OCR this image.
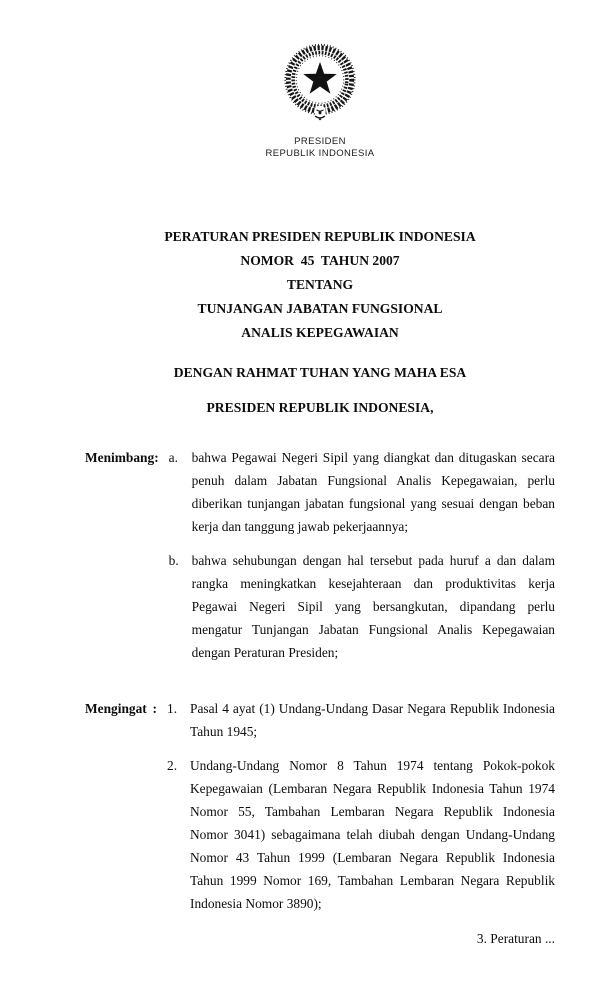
PRESIDEN
REPUBLIK INDONESIA
PERATURAN PRESIDEN REPUBLIK INDONESIA
NOMOR  45  TAHUN 2007
TENTANG
TUNJANGAN JABATAN FUNGSIONAL
ANALIS KEPEGAWAIAN
DENGAN RAHMAT TUHAN YANG MAHA ESA
PRESIDEN REPUBLIK INDONESIA,
Menimbang : a.	bahwa Pegawai Negeri Sipil yang diangkat dan ditugaskan secara penuh dalam Jabatan Fungsional Analis Kepegawaian, perlu diberikan tunjangan jabatan fungsional yang sesuai dengan beban kerja dan tanggung jawab pekerjaannya;

b. bahwa sehubungan dengan hal tersebut pada huruf a dan dalam rangka meningkatkan kesejahteraan dan produktivitas kerja Pegawai Negeri Sipil yang bersangkutan, dipandang perlu mengatur Tunjangan Jabatan Fungsional Analis Kepegawaian dengan Peraturan Presiden;

Mengingat : 1. Pasal 4 ayat (1) Undang-Undang Dasar Negara Republik Indonesia Tahun 1945;

2. Undang-Undang Nomor 8 Tahun 1974 tentang Pokok-pokok Kepegawaian (Lembaran Negara Republik Indonesia Tahun 1974 Nomor 55, Tambahan Lembaran Negara Republik Indonesia Nomor 3041) sebagaimana telah diubah dengan Undang-Undang Nomor 43 Tahun 1999 (Lembaran Negara Republik Indonesia Tahun 1999 Nomor 169, Tambahan Lembaran Negara Republik Indonesia Nomor 3890);

3. Peraturan ...
